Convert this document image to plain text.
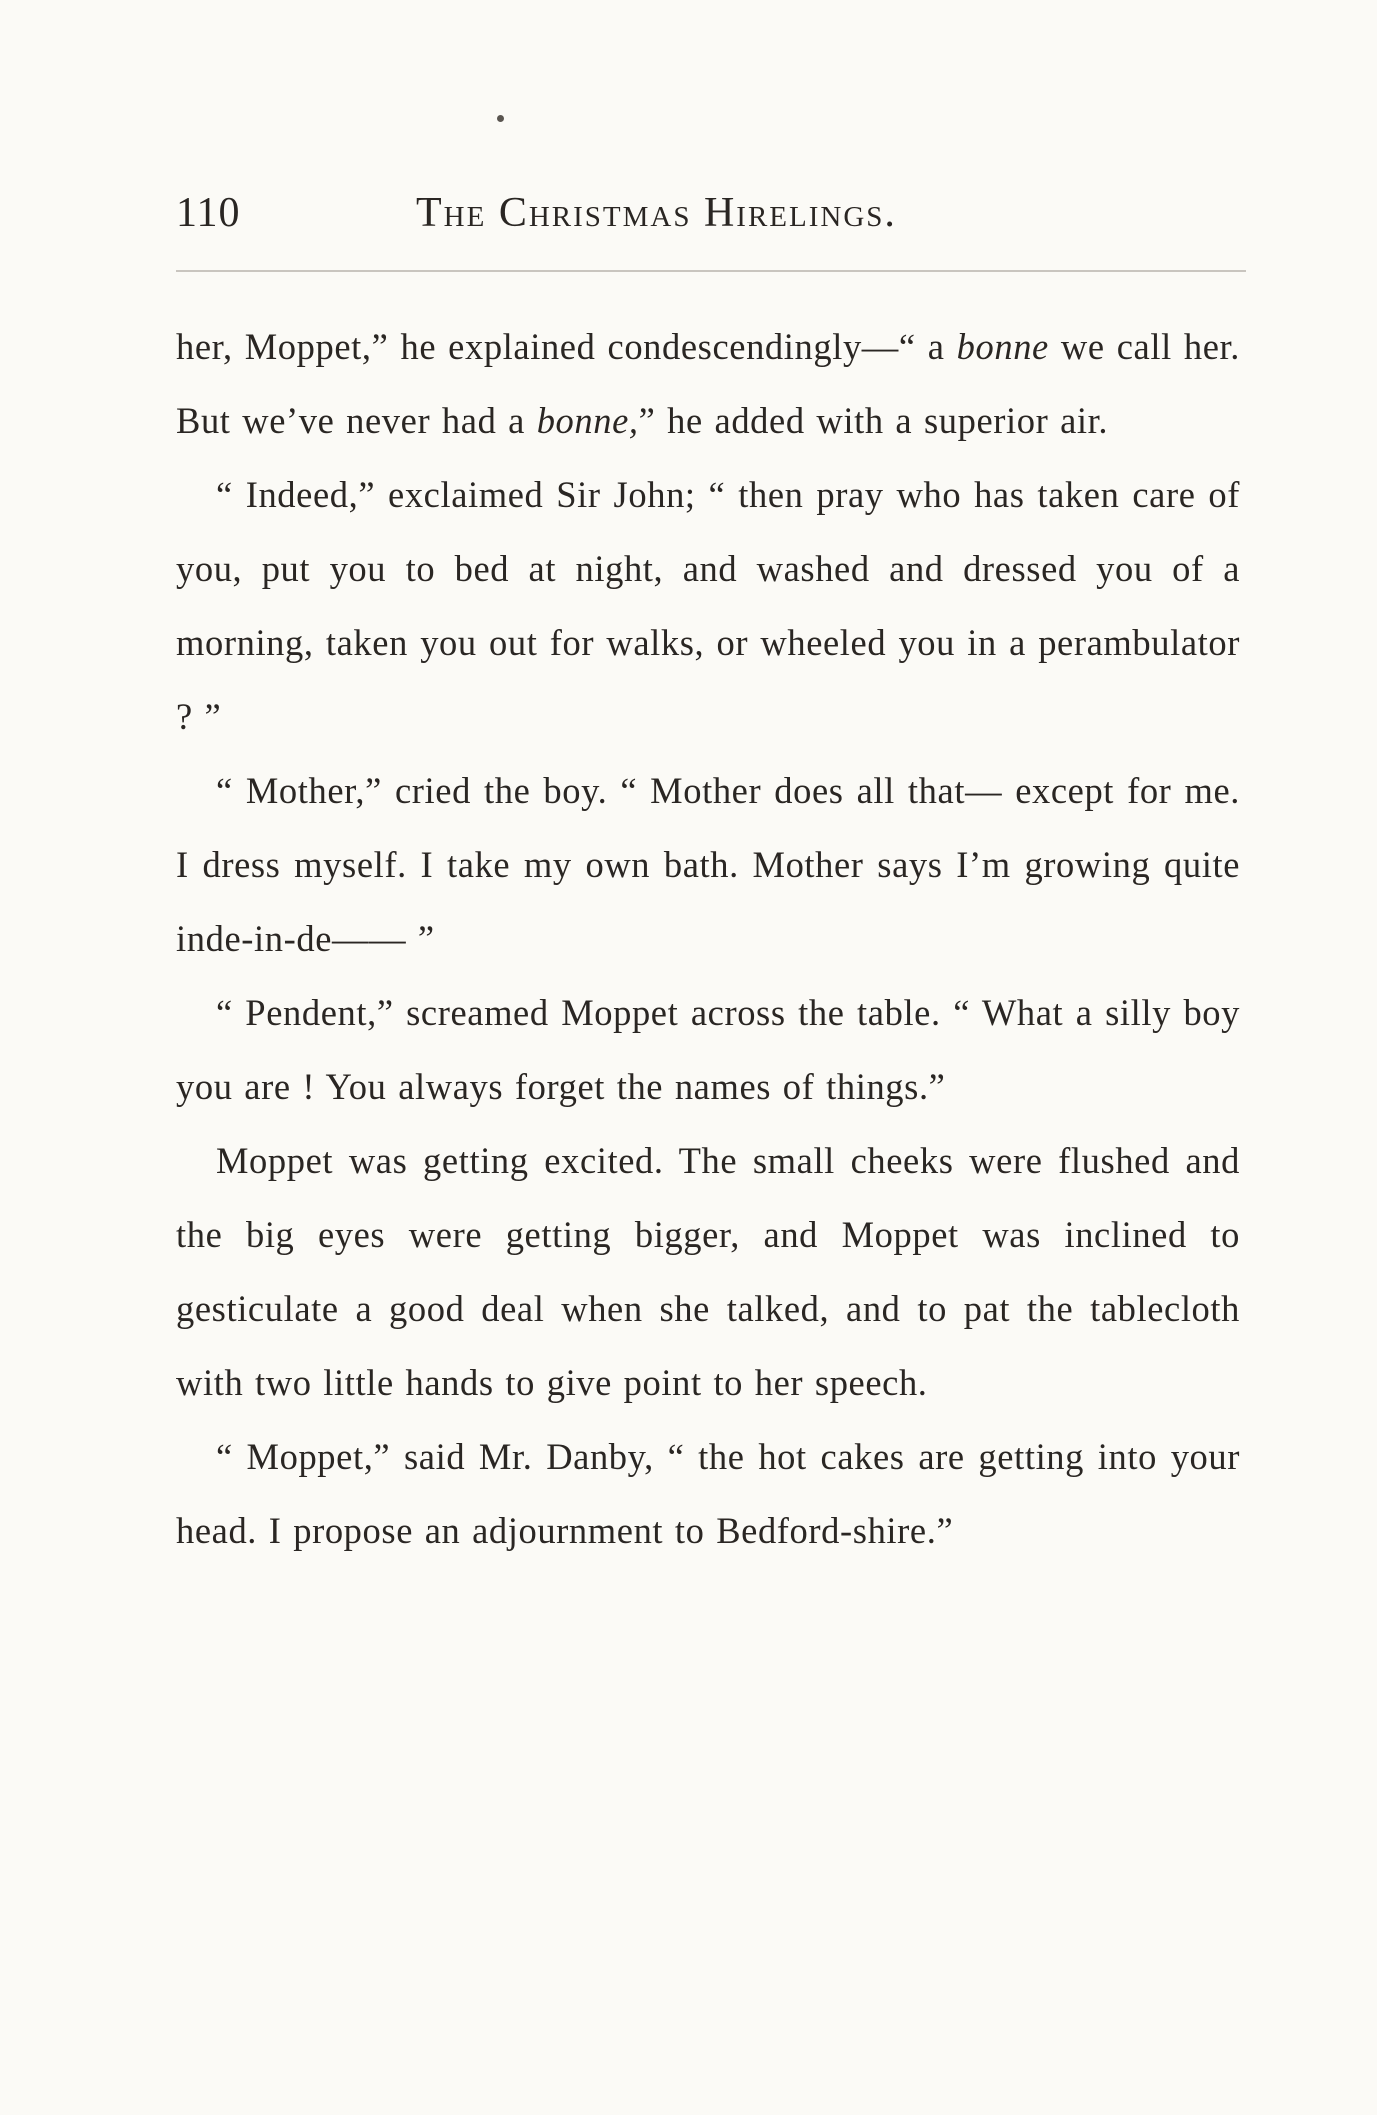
110	The Christmas Hirelings.

her, Moppet,” he explained condescendingly—“ a bonne we call her. But we’ve never had a bonne,” he added with a superior air.

“ Indeed,” exclaimed Sir John; “ then pray who has taken care of you, put you to bed at night, and washed and dressed you of a morning, taken you out for walks, or wheeled you in a perambulator ? ”

“ Mother,” cried the boy. “ Mother does all that— except for me. I dress myself. I take my own bath. Mother says I’m growing quite inde-in-de—— ”

“ Pendent,” screamed Moppet across the table. “ What a silly boy you are ! You always forget the names of things.”

Moppet was getting excited. The small cheeks were flushed and the big eyes were getting bigger, and Moppet was inclined to gesticulate a good deal when she talked, and to pat the tablecloth with two little hands to give point to her speech.

“ Moppet,” said Mr. Danby, “ the hot cakes are getting into your head. I propose an adjournment to Bedford-shire.”
